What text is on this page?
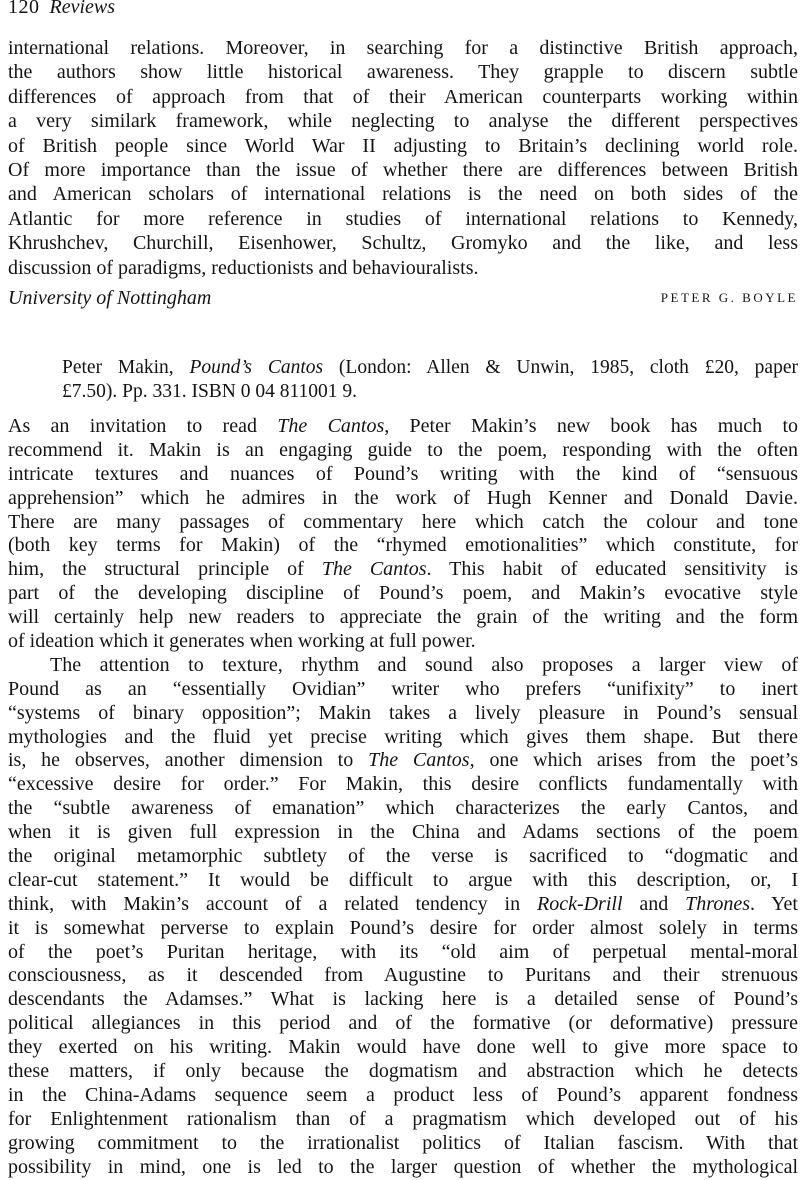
120 Reviews
international relations. Moreover, in searching for a distinctive British approach,
the authors show little historical awareness. They grapple to discern subtle
differences of approach from that of their American counterparts working within
a very similark framework, while neglecting to analyse the different perspectives
of British people since World War II adjusting to Britain’s declining world role.
Of more importance than the issue of whether there are differences between British
and American scholars of international relations is the need on both sides of the
Atlantic for more reference in studies of international relations to Kennedy,
Khrushchev, Churchill, Eisenhower, Schultz, Gromyko and the like, and less
discussion of paradigms, reductionists and behaviouralists.
University of Nottingham	PETER G. BOYLE
Peter Makin, Pound’s Cantos (London: Allen & Unwin, 1985, cloth £20, paper
£7.50). Pp. 331. ISBN 0 04 811001 9.
As an invitation to read The Cantos, Peter Makin’s new book has much to
recommend it. Makin is an engaging guide to the poem, responding with the often
intricate textures and nuances of Pound’s writing with the kind of “sensuous
apprehension” which he admires in the work of Hugh Kenner and Donald Davie.
There are many passages of commentary here which catch the colour and tone
(both key terms for Makin) of the “rhymed emotionalities” which constitute, for
him, the structural principle of The Cantos. This habit of educated sensitivity is
part of the developing discipline of Pound’s poem, and Makin’s evocative style
will certainly help new readers to appreciate the grain of the writing and the form
of ideation which it generates when working at full power.
The attention to texture, rhythm and sound also proposes a larger view of
Pound as an “essentially Ovidian” writer who prefers “unifixity” to inert
“systems of binary opposition”; Makin takes a lively pleasure in Pound’s sensual
mythologies and the fluid yet precise writing which gives them shape. But there
is, he observes, another dimension to The Cantos, one which arises from the poet’s
“excessive desire for order.” For Makin, this desire conflicts fundamentally with
the “subtle awareness of emanation” which characterizes the early Cantos, and
when it is given full expression in the China and Adams sections of the poem
the original metamorphic subtlety of the verse is sacrificed to “dogmatic and
clear-cut statement.” It would be difficult to argue with this description, or, I
think, with Makin’s account of a related tendency in Rock-Drill and Thrones. Yet
it is somewhat perverse to explain Pound’s desire for order almost solely in terms
of the poet’s Puritan heritage, with its “old aim of perpetual mental-moral
consciousness, as it descended from Augustine to Puritans and their strenuous
descendants the Adamses.” What is lacking here is a detailed sense of Pound’s
political allegiances in this period and of the formative (or deformative) pressure
they exerted on his writing. Makin would have done well to give more space to
these matters, if only because the dogmatism and abstraction which he detects
in the China-Adams sequence seem a product less of Pound’s apparent fondness
for Enlightenment rationalism than of a pragmatism which developed out of his
growing commitment to the irrationalist politics of Italian fascism. With that
possibility in mind, one is led to the larger question of whether the mythological
